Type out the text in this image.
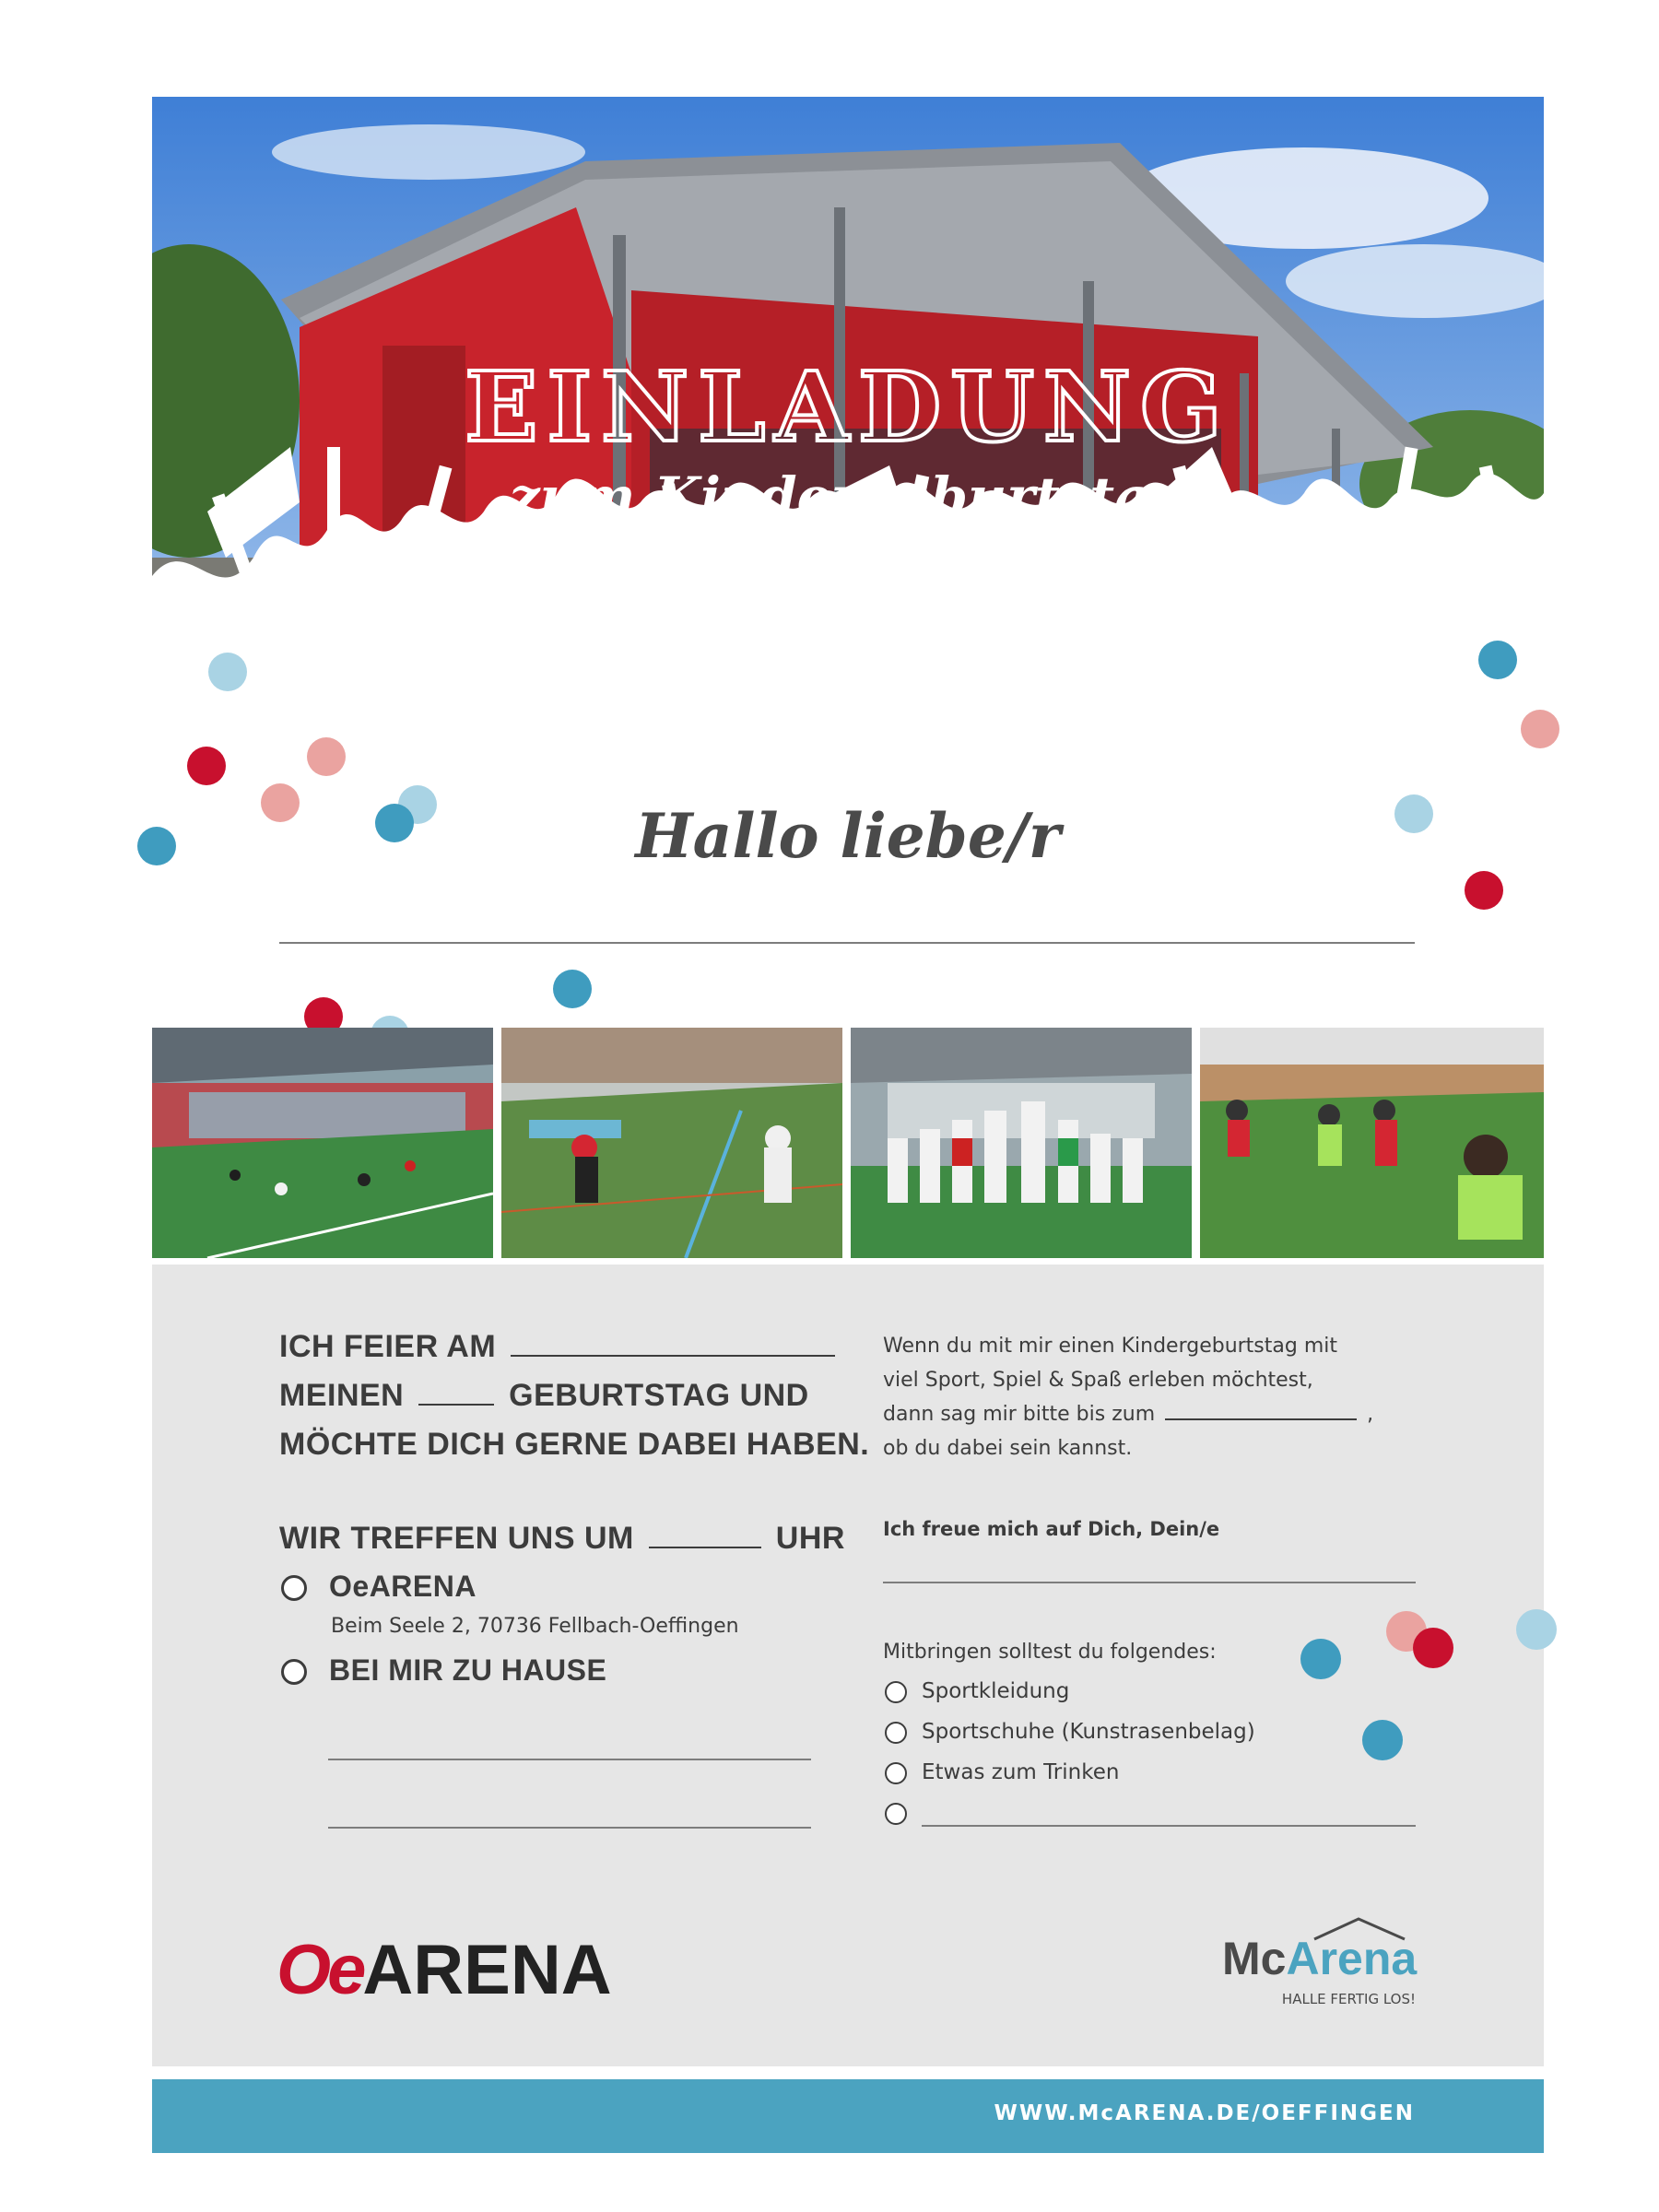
EINLADUNG
zum Kindergeburtstag
Hallo liebe/r
ICH FEIER AM
MEINEN	GEBURTSTAG UND
MÖCHTE DICH GERNE DABEI HABEN.
WIR TREFFEN UNS UM	UHR
OeARENA
Beim Seele 2, 70736 Fellbach-Oeffingen
BEI MIR ZU HAUSE
Wenn du mit mir einen Kindergeburtstag mit
viel Sport, Spiel & Spaß erleben möchtest,
dann sag mir bitte bis zum	,
ob du dabei sein kannst.
Ich freue mich auf Dich, Dein/e
Mitbringen solltest du folgendes:
Sportkleidung
Sportschuhe (Kunstrasenbelag)
Etwas zum Trinken
OeARENA	McArena
HALLE FERTIG LOS!
WWW.McARENA.DE/OEFFINGEN
